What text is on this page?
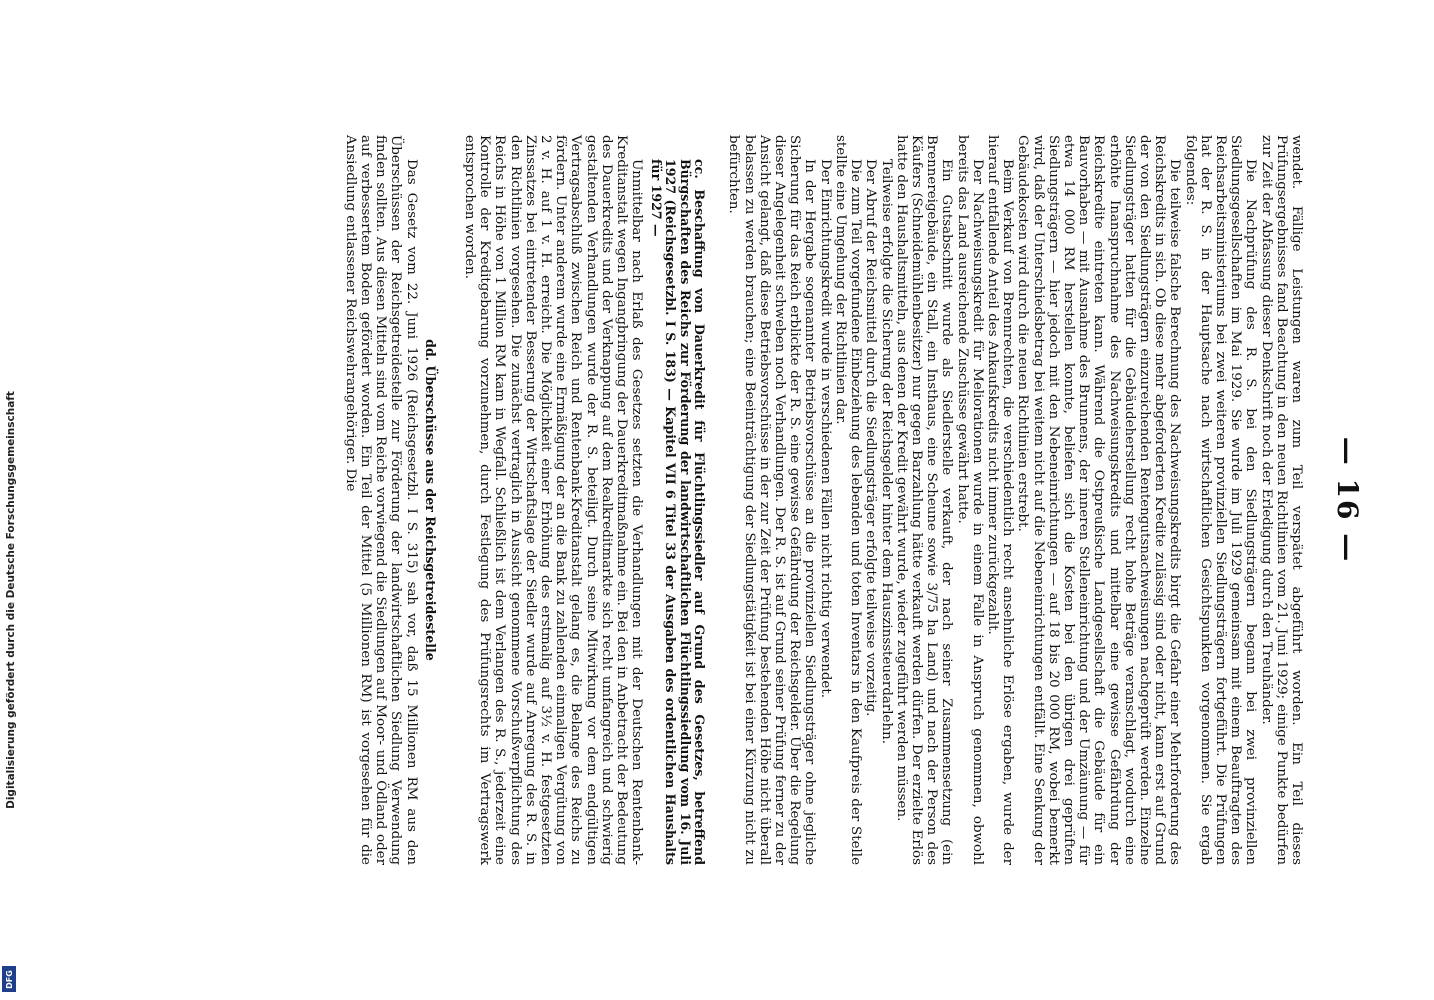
Digitalisierung gefördert durch die Deutsche Forschungsgemeinschaft
DFG
— 16 —

wendet. Fällige Leistungen waren zum Teil verspätet abgeführt worden. Ein Teil dieses Prüfungsergebnisses fand Beachtung in den neuen Richtlinien vom 21. Juni 1929; einige Punkte bedürfen zur Zeit der Abfassung dieser Denkschrift noch der Erledigung durch den Treuhänder.

Die Nachprüfung des R. S. bei den Siedlungsträgern begann bei zwei provinziellen Siedlungsgesellschaften im Mai 1929. Sie wurde im Juli 1929 gemeinsam mit einem Beauftragten des Reichsarbeitsministeriums bei zwei weiteren provinziellen Siedlungsträgern fortgeführt. Die Prüfungen hat der R. S. in der Hauptsache nach wirtschaftlichen Gesichtspunkten vorgenommen. Sie ergab folgendes:

Die teilweise falsche Berechnung des Nachweisungskredits birgt die Gefahr einer Mehrforderung des Reichskredits in sich. Ob diese mehr abgeforderten Kredite zulässig sind oder nicht, kann erst auf Grund der von den Siedlungsträgern einzureichenden Rentengutsnachweisungen nachgeprüft werden. Einzelne Siedlungsträger hatten für die Gebäudeherstellung recht hohe Beträge veranschlagt, wodurch eine erhöhte Inanspruchnahme des Nachweisungskredits und mittelbar eine gewisse Gefährdung der Reichskredite eintreten kann. Während die Ostpreußische Landgesellschaft die Gebäude für ein Bauvorhaben — mit Ausnahme des Brunnens, der inneren Stelleneinrichtung und der Umzäunung — für etwa 14 000 RM herstellen konnte, beliefen sich die Kosten bei den übrigen drei geprüften Siedlungsträgern — hier jedoch mit den Nebeneinrichtungen — auf 18 bis 20 000 RM, wobei bemerkt wird, daß der Unterschiedsbetrag bei weitem nicht auf die Nebeneinrichtungen entfällt. Eine Senkung der Gebäudekosten wird durch die neuen Richtlinien erstrebt.

Beim Verkauf von Brennrechten, die verschiedentlich recht ansehnliche Erlöse ergaben, wurde der hierauf entfallende Anteil des Ankaufskredits nicht immer zurückgezahlt.

Der Nachweisungskredit für Meliorationen wurde in einem Falle in Anspruch genommen, obwohl bereits das Land ausreichende Zuschüsse gewährt hatte.

Ein Gutsabschnitt wurde als Siedlerstelle verkauft, der nach seiner Zusammensetzung (ein Brennereigebäude, ein Stall, ein Insthaus, eine Scheune sowie 3/75 ha Land) und nach der Person des Käufers (Schneidemühlenbesitzer) nur gegen Barzahlung hätte verkauft werden dürfen. Der erzielte Erlös hatte den Haushaltsmitteln, aus denen der Kredit gewährt wurde, wieder zugeführt werden müssen.

Teilweise erfolgte die Sicherung der Reichsgelder hinter dem Hauszinssteuerdarlehn.

Der Abruf der Reichsmittel durch die Siedlungsträger erfolgte teilweise vorzeitig.

Die zum Teil vorgefundene Einbeziehung des lebenden und toten Inventars in den Kaufpreis der Stelle stellte eine Umgehung der Richtlinien dar.

Der Einrichtungskredit wurde in verschiedenen Fällen nicht richtig verwendet.

In der Hergabe sogenannter Betriebsvorschüsse an die provinziellen Siedlungsträger ohne jegliche Sicherung für das Reich erblickte der R. S. eine gewisse Gefährdung der Reichsgelder. Über die Regelung dieser Angelegenheit schweben noch Verhandlungen. Der R. S. ist auf Grund seiner Prüfung ferner zu der Ansicht gelangt, daß diese Betriebsvorschüsse in der zur Zeit der Prüfung bestehenden Höhe nicht überall belassen zu werden brauchen; eine Beeinträchtigung der Siedlungstätigkeit ist bei einer Kürzung nicht zu befürchten.

cc. Beschaffung von Dauerkredit für Flüchtlingssiedler auf Grund des Gesetzes, betreffend Bürgschaften des Reichs zur Förderung der landwirtschaftlichen Flüchtlingssiedlung vom 16. Juli 1927 (Reichsgesetzbl. I S. 183) — Kapitel VII 6 Titel 33 der Ausgaben des ordentlichen Haushalts für 1927 —

Unmittelbar nach Erlaß des Gesetzes setzten die Verhandlungen mit der Deutschen Rentenbank-Kreditanstalt wegen Ingangbringung der Dauerkreditmaßnahme ein. Bei den in Anbetracht der Bedeutung des Dauerkredits und der Verknappung auf dem Realkreditmarkte sich recht umfangreich und schwierig gestaltenden Verhandlungen wurde der R. S. beteiligt. Durch seine Mitwirkung vor dem endgültigen Vertragsabschluß zwischen Reich und Rentenbank-Kreditanstalt gelang es, die Belange des Reichs zu fördern. Unter anderem wurde eine Ermäßigung der an die Bank zu zahlenden einmaligen Vergütung von 2 v. H. auf 1 v. H. erreicht. Die Möglichkeit einer Erhöhung des erstmalig auf 3½ v. H. festgesetzten Zinssatzes bei eintretender Besserung der Wirtschaftslage der Siedler wurde auf Anregung des R. S. in den Richtlinien vorgesehen. Die zunächst vertraglich in Aussicht genommene Vorschußverpflichtung des Reichs in Höhe von 1 Million RM kam in Wegfall. Schließlich ist dem Verlangen des R. S., jederzeit eine Kontrolle der Kreditgebarung vorzunehmen, durch Festlegung des Prüfungsrechts im Vertragswerk entsprochen worden.

dd. Überschüsse aus der Reichsgetreidestelle

Das Gesetz vom 22. Juni 1926 (Reichsgesetzbl. I S. 315) sah vor, daß 15 Millionen RM aus den Überschüssen der Reichsgetreidestelle zur Förderung der landwirtschaftlichen Siedlung Verwendung finden sollten. Aus diesen Mitteln sind vom Reiche vorwiegend die Siedlungen auf Moor- und Ödland oder auf verbessertem Boden gefördert worden. Ein Teil der Mittel (5 Millionen RM) ist vorgesehen für die Ansiedlung entlassener Reichswehrangehöriger. Die
